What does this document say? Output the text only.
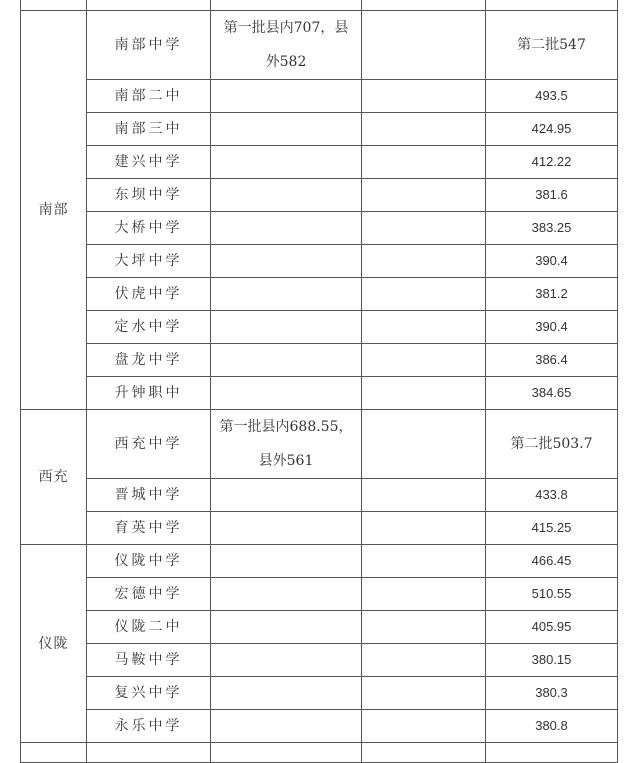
南部	南部中学	第一批县内707，县外582		第二批547
	南部二中			493.5
	南部三中			424.95
	建兴中学			412.22
	东坝中学			381.6
	大桥中学			383.25
	大坪中学			390.4
	伏虎中学			381.2
	定水中学			390.4
	盘龙中学			386.4
	升钟职中			384.65
西充	西充中学	第一批县内688.55，县外561		第二批503.7
	晋城中学			433.8
	育英中学			415.25
仪陇	仪陇中学			466.45
	宏德中学			510.55
	仪陇二中			405.95
	马鞍中学			380.15
	复兴中学			380.3
	永乐中学			380.8
